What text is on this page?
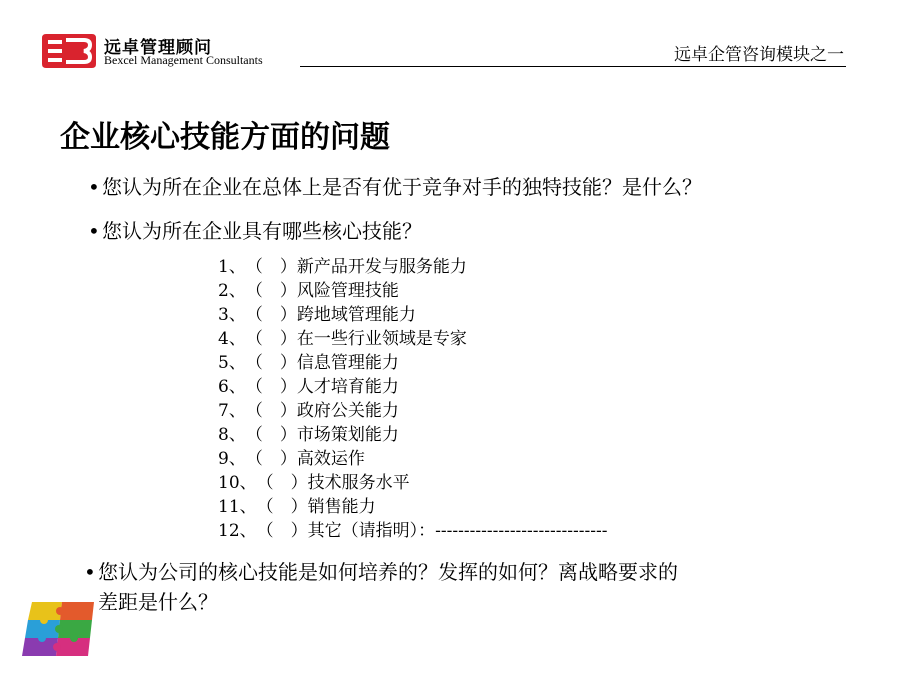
远卓管理顾问
Bexcel Management Consultants	远卓企管咨询模块之一
企业核心技能方面的问题
• 您认为所在企业在总体上是否有优于竞争对手的独特技能？是什么？
• 您认为所在企业具有哪些核心技能？
1、（　）新产品开发与服务能力
2、（　）风险管理技能
3、（　）跨地域管理能力
4、（　）在一些行业领域是专家
5、（　）信息管理能力
6、（　）人才培育能力
7、（　）政府公关能力
8、（　）市场策划能力
9、（　）高效运作
10、（　）技术服务水平
11、（　）销售能力
12、（　）其它（请指明）：------------------------------
• 您认为公司的核心技能是如何培养的？发挥的如何？离战略要求的
差距是什么？
